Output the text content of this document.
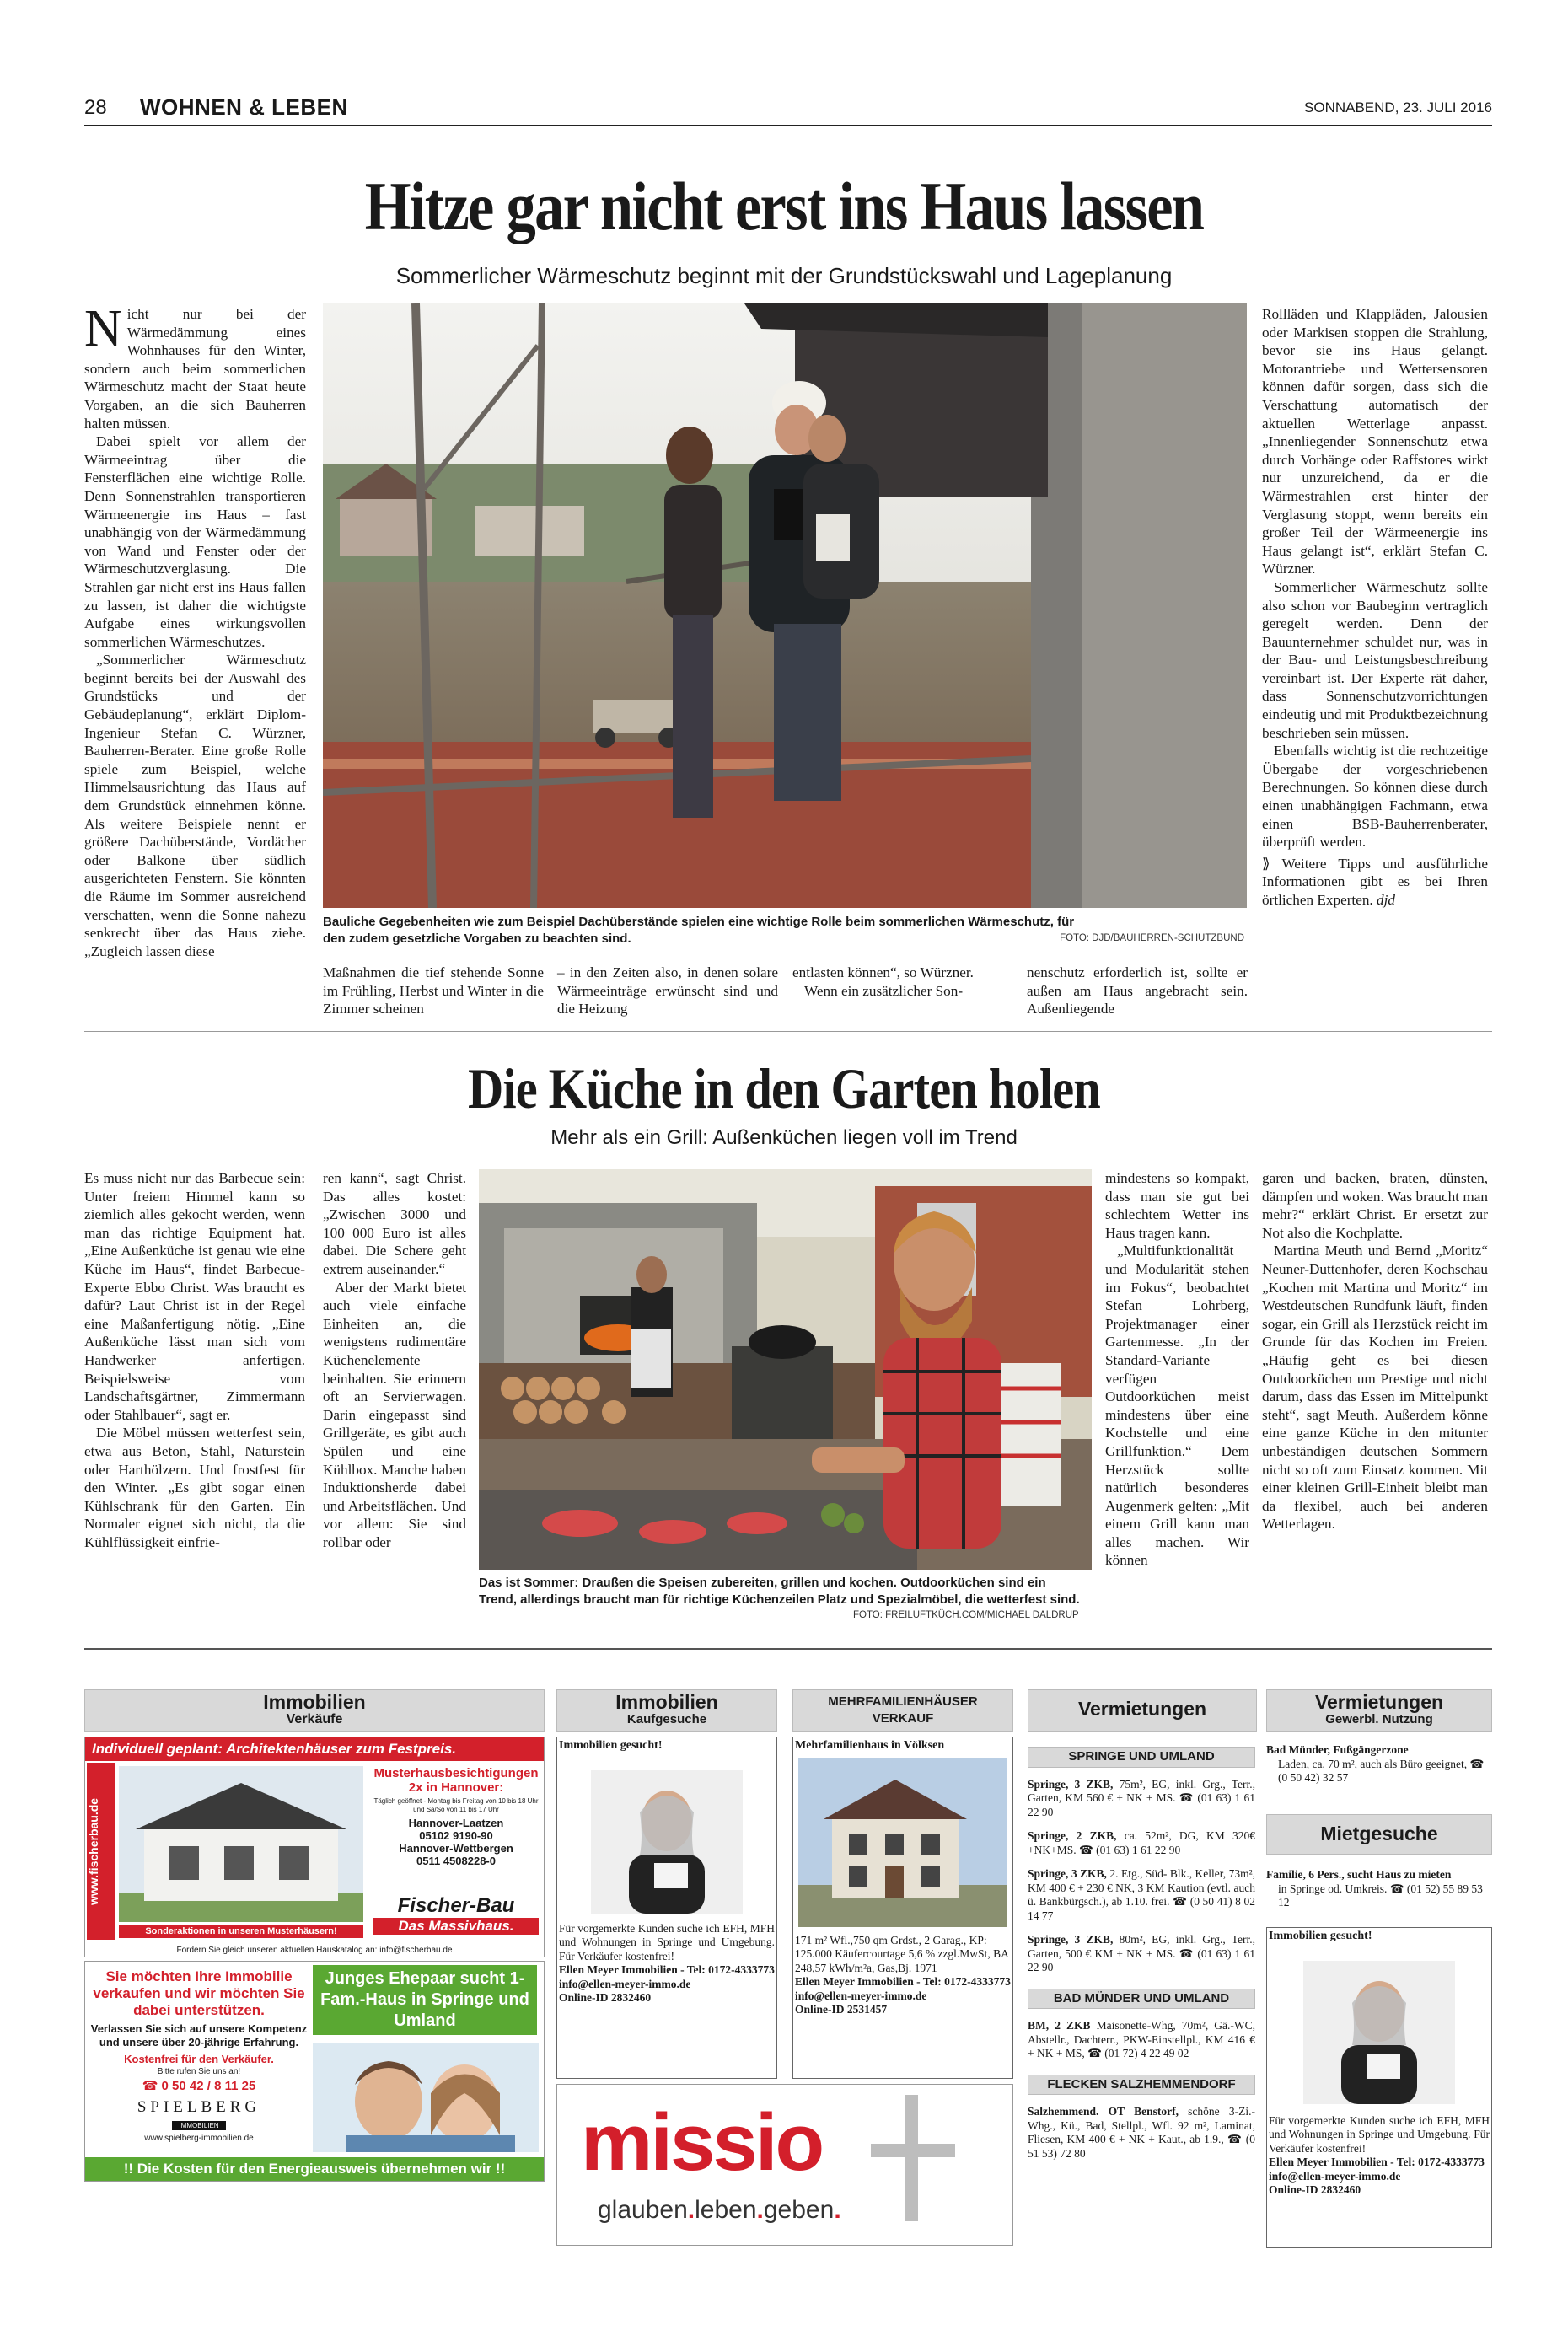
28 WOHNEN & LEBEN	SONNABEND, 23. JULI 2016
Hitze gar nicht erst ins Haus lassen
Sommerlicher Wärmeschutz beginnt mit der Grundstückswahl und Lageplanung

Nicht nur bei der Wärmedämmung eines Wohnhauses für den Winter, sondern auch beim sommerlichen Wärmeschutz macht der Staat heute Vorgaben, an die sich Bauherren halten müssen.

Dabei spielt vor allem der Wärmeeintrag über die Fensterflächen eine wichtige Rolle. Denn Sonnenstrahlen transportieren Wärmeenergie ins Haus – fast unabhängig von der Wärmedämmung von Wand und Fenster oder der Wärmeschutzverglasung. Die Strahlen gar nicht erst ins Haus fallen zu lassen, ist daher die wichtigste Aufgabe eines wirkungsvollen sommerlichen Wärmeschutzes.

„Sommerlicher Wärmeschutz beginnt bereits bei der Auswahl des Grundstücks und der Gebäudeplanung“, erklärt Diplom-Ingenieur Stefan C. Würzner, Bauherren-Berater. Eine große Rolle spiele zum Beispiel, welche Himmelsausrichtung das Haus auf dem Grundstück einnehmen könne. Als weitere Beispiele nennt er größere Dachüberstände, Vordächer oder Balkone über südlich ausgerichteten Fenstern. Sie könnten die Räume im Sommer ausreichend verschatten, wenn die Sonne nahezu senkrecht über das Haus ziehe. „Zugleich lassen diese

Bauliche Gegebenheiten wie zum Beispiel Dachüberstände spielen eine wichtige Rolle beim sommerlichen Wärmeschutz, für den zudem gesetzliche Vorgaben zu beachten sind.	FOTO: DJD/BAUHERREN-SCHUTZBUND

Maßnahmen die tief stehende Sonne im Frühling, Herbst und Winter in die Zimmer scheinen

– in den Zeiten also, in denen solare Wärmeeinträge erwünscht sind und die Heizung

entlasten können“, so Würzner.

Wenn ein zusätzlicher Son-

nenschutz erforderlich ist, sollte er außen am Haus angebracht sein. Außenliegende

Rollläden und Klappläden, Jalousien oder Markisen stoppen die Strahlung, bevor sie ins Haus gelangt. Motorantriebe und Wettersensoren können dafür sorgen, dass sich die Verschattung automatisch der aktuellen Wetterlage anpasst. „Innenliegender Sonnenschutz etwa durch Vorhänge oder Raffstores wirkt nur unzureichend, da er die Wärmestrahlen erst hinter der Verglasung stoppt, wenn bereits ein großer Teil der Wärmeenergie ins Haus gelangt ist“, erklärt Stefan C. Würzner.

Sommerlicher Wärmeschutz sollte also schon vor Baubeginn vertraglich geregelt werden. Denn der Bauunternehmer schuldet nur, was in der Bau- und Leistungsbeschreibung vereinbart ist. Der Experte rät daher, dass Sonnenschutzvorrichtungen eindeutig und mit Produktbezeichnung beschrieben sein müssen.

Ebenfalls wichtig ist die rechtzeitige Übergabe der vorgeschriebenen Berechnungen. So können diese durch einen unabhängigen Fachmann, etwa einen BSB-Bauherrenberater, überprüft werden.

⟫ Weitere Tipps und ausführliche Informationen gibt es bei Ihren örtlichen Experten. djd

Die Küche in den Garten holen
Mehr als ein Grill: Außenküchen liegen voll im Trend

Es muss nicht nur das Barbecue sein: Unter freiem Himmel kann so ziemlich alles gekocht werden, wenn man das richtige Equipment hat. „Eine Außenküche ist genau wie eine Küche im Haus“, findet Barbecue-Experte Ebbo Christ. Was braucht es dafür? Laut Christ ist in der Regel eine Maßanfertigung nötig. „Eine Außenküche lässt man sich vom Handwerker anfertigen. Beispielsweise vom Landschaftsgärtner, Zimmermann oder Stahlbauer“, sagt er.

Die Möbel müssen wetterfest sein, etwa aus Beton, Stahl, Naturstein oder Harthölzern. Und frostfest für den Winter. „Es gibt sogar einen Kühlschrank für den Garten. Ein Normaler eignet sich nicht, da die Kühlflüssigkeit einfrie-

ren kann“, sagt Christ. Das alles kostet: „Zwischen 3000 und 100 000 Euro ist alles dabei. Die Schere geht extrem auseinander.“

Aber der Markt bietet auch viele einfache Einheiten an, die wenigstens rudimentäre Küchenelemente beinhalten. Sie erinnern oft an Servierwagen. Darin eingepasst sind Grillgeräte, es gibt auch Spülen und eine Kühlbox. Manche haben Induktionsherde dabei und Arbeitsflächen. Und vor allem: Sie sind rollbar oder

Das ist Sommer: Draußen die Speisen zubereiten, grillen und kochen. Outdoorküchen sind ein Trend, allerdings braucht man für richtige Küchenzeilen Platz und Spezialmöbel, die wetterfest sind.
FOTO: FREILUFTKÜCH.COM/MICHAEL DALDRUP

mindestens so kompakt, dass man sie gut bei schlechtem Wetter ins Haus tragen kann.

„Multifunktionalität und Modularität stehen im Fokus“, beobachtet Stefan Lohrberg, Projektmanager einer Gartenmesse. „In der Standard-Variante verfügen Outdoorküchen meist mindestens über eine Kochstelle und eine Grillfunktion.“ Dem Herzstück sollte natürlich besonderes Augenmerk gelten: „Mit einem Grill kann man alles machen. Wir können

garen und backen, braten, dünsten, dämpfen und woken. Was braucht man mehr?“ erklärt Christ. Er ersetzt zur Not also die Kochplatte.

Martina Meuth und Bernd „Moritz“ Neuner-Duttenhofer, deren Kochschau „Kochen mit Martina und Moritz“ im Westdeutschen Rundfunk läuft, finden sogar, ein Grill als Herzstück reicht im Grunde für das Kochen im Freien. „Häufig geht es bei diesen Outdoorküchen um Prestige und nicht darum, dass das Essen im Mittelpunkt steht“, sagt Meuth. Außerdem könne eine ganze Küche in den mitunter unbeständigen deutschen Sommern nicht so oft zum Einsatz kommen. Mit einer kleinen Grill-Einheit bleibt man da flexibel, auch bei anderen Wetterlagen.

Immobilien
Verkäufe
Individuell geplant: Architektenhäuser zum Festpreis.
www.fischerbau.de
Musterhausbesichtigungen 2x in Hannover:
Täglich geöffnet - Montag bis Freitag von 10 bis 18 Uhr und Sa/So von 11 bis 17 Uhr
Hannover-Laatzen
05102 9190-90
Hannover-Wettbergen
0511 4508228-0
Sonderaktionen in unseren Musterhäusern!
Fischer-Bau
Das Massivhaus.
Fordern Sie gleich unseren aktuellen Hauskatalog an: info@fischerbau.de
Sie möchten Ihre Immobilie verkaufen und wir möchten Sie dabei unterstützen.
Verlassen Sie sich auf unsere Kompetenz und unsere über 20-jährige Erfahrung.
Kostenfrei für den Verkäufer.
Bitte rufen Sie uns an!
☎ 0 50 42 / 8 11 25
SPIELBERG
IMMOBILIEN
www.spielberg-immobilien.de
Junges Ehepaar sucht 1-Fam.-Haus in Springe und Umland
!! Die Kosten für den Energieausweis übernehmen wir !!
Immobilien
Kaufgesuche
Immobilien gesucht!
Für vorgemerkte Kunden suche ich EFH, MFH und Wohnungen in Springe und Umgebung. Für Verkäufer kostenfrei!
Ellen Meyer Immobilien - Tel: 0172-4333773
info@ellen-meyer-immo.de
Online-ID 2832460
MEHRFAMILIENHÄUSER VERKAUF
Mehrfamilienhaus in Völksen
171 m² Wfl.,750 qm Grdst., 2 Garag., KP: 125.000 Käufercourtage 5,6 % zzgl.MwSt, BA 248,57 kWh/m²a, Gas,Bj. 1971
Ellen Meyer Immobilien - Tel: 0172-4333773
info@ellen-meyer-immo.de
Online-ID 2531457
missio
glauben.leben.geben.
Vermietungen
SPRINGE UND UMLAND
Springe, 3 ZKB, 75m², EG, inkl. Grg., Terr., Garten, KM 560 € + NK + MS. ☎ (01 63) 1 61 22 90
Springe, 2 ZKB, ca. 52m², DG, KM 320€+NK+MS. ☎ (01 63) 1 61 22 90
Springe, 3 ZKB, 2. Etg., Süd- Blk., Keller, 73m², KM 400 € + 230 € NK, 3 KM Kaution (evtl. auch ü. Bankbürgsch.), ab 1.10. frei. ☎ (0 50 41) 8 02 14 77
Springe, 3 ZKB, 80m², EG, inkl. Grg., Terr., Garten, 500 € KM + NK + MS. ☎ (01 63) 1 61 22 90
BAD MÜNDER UND UMLAND
BM, 2 ZKB Maisonette-Whg, 70m², Gä.-WC, Abstellr., Dachterr., PKW-Einstellpl., KM 416 € + NK + MS, ☎ (01 72) 4 22 49 02
FLECKEN SALZHEMMENDORF
Salzhemmend. OT Benstorf, schöne 3-Zi.-Whg., Kü., Bad, Stellpl., Wfl. 92 m², Laminat, Fliesen, KM 400 € + NK + Kaut., ab 1.9., ☎ (0 51 53) 72 80
Vermietungen
Gewerbl. Nutzung
Bad Münder, Fußgängerzone

Laden, ca. 70 m², auch als Büro geeignet, ☎ (0 50 42) 32 57
Mietgesuche
Familie, 6 Pers., sucht Haus zu mieten

in Springe od. Umkreis. ☎ (01 52) 55 89 53 12
Immobilien gesucht!
Für vorgemerkte Kunden suche ich EFH, MFH und Wohnungen in Springe und Umgebung. Für Verkäufer kostenfrei!
Ellen Meyer Immobilien - Tel: 0172-4333773
info@ellen-meyer-immo.de
Online-ID 2832460
